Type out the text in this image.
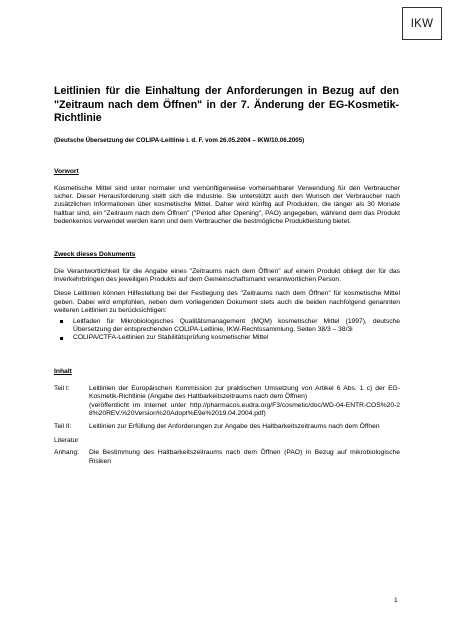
IKW
Leitlinien für die Einhaltung der Anforderungen in Bezug auf den "Zeitraum nach dem Öffnen" in der 7. Änderung der EG-Kosmetik-Richtlinie
(Deutsche Übersetzung der COLIPA-Leitlinie i. d. F. vom 26.05.2004 – IKW/10.06.2005)
Vorwort
Kosmetische Mittel sind unter normaler und vernünftigerweise vorhersehbarer Verwendung für den Verbraucher sicher. Dieser Herausforderung stellt sich die Industrie. Sie unterstützt auch den Wunsch der Verbraucher nach zusätzlichen Informationen über kosmetische Mittel. Daher wird künftig auf Produkten, die länger als 30 Monate haltbar sind, ein "Zeitraum nach dem Öffnen" ("Period after Opening", PAO) angegeben, während dem das Produkt bedenkenlos verwendet werden kann und dem Verbraucher die bestmögliche Produktleistung bietet.
Zweck dieses Dokuments
Die Verantwortlichkeit für die Angabe eines "Zeitraums nach dem Öffnen" auf einem Produkt obliegt der für das Inverkehrbringen des jeweiligen Produkts auf dem Gemeinschaftsmarkt verantwortlichen Person.
Diese Leitlinien können Hilfestellung bei der Festlegung des "Zeitraums nach dem Öffnen" für kosmetische Mittel geben. Dabei wird empfohlen, neben dem vorliegenden Dokument stets auch die beiden nachfolgend genannten weiteren Leitlinien zu berücksichtigen:
Leitfaden für Mikrobiologisches Qualitätsmanagement (MQM) kosmetischer Mittel (1997), deutsche Übersetzung der entsprechenden COLIPA-Leitlinie, IKW-Rechtssammlung, Seiten 38/3 – 38/3i
COLIPA/CTFA-Leitlinien zur Stabilitätsprüfung kosmetischer Mittel
Inhalt
Teil I:	Leitlinien der Europäischen Kommission zur praktischen Umsetzung von Artikel 6 Abs. 1 c) der EG-Kosmetik-Richtlinie (Angabe des Haltbarkeitszeitraums nach dem Öffnen)
(veröffentlicht im Internet unter http://pharmacos.eudra.org/F3/cosmetic/doc/WD-04-ENTR-COS%20-28%20REV.%20Version%20Adopt%E9e%2019.04.2004.pdf)
Teil II:	Leitlinien zur Erfüllung der Anforderungen zur Angabe des Haltbarkeitszeitraums nach dem Öffnen
Literatur
Anhang:	Die Bestimmung des Haltbarkeitszeitraums nach dem Öffnen (PAO) in Bezug auf mikrobiologische Risiken
1
